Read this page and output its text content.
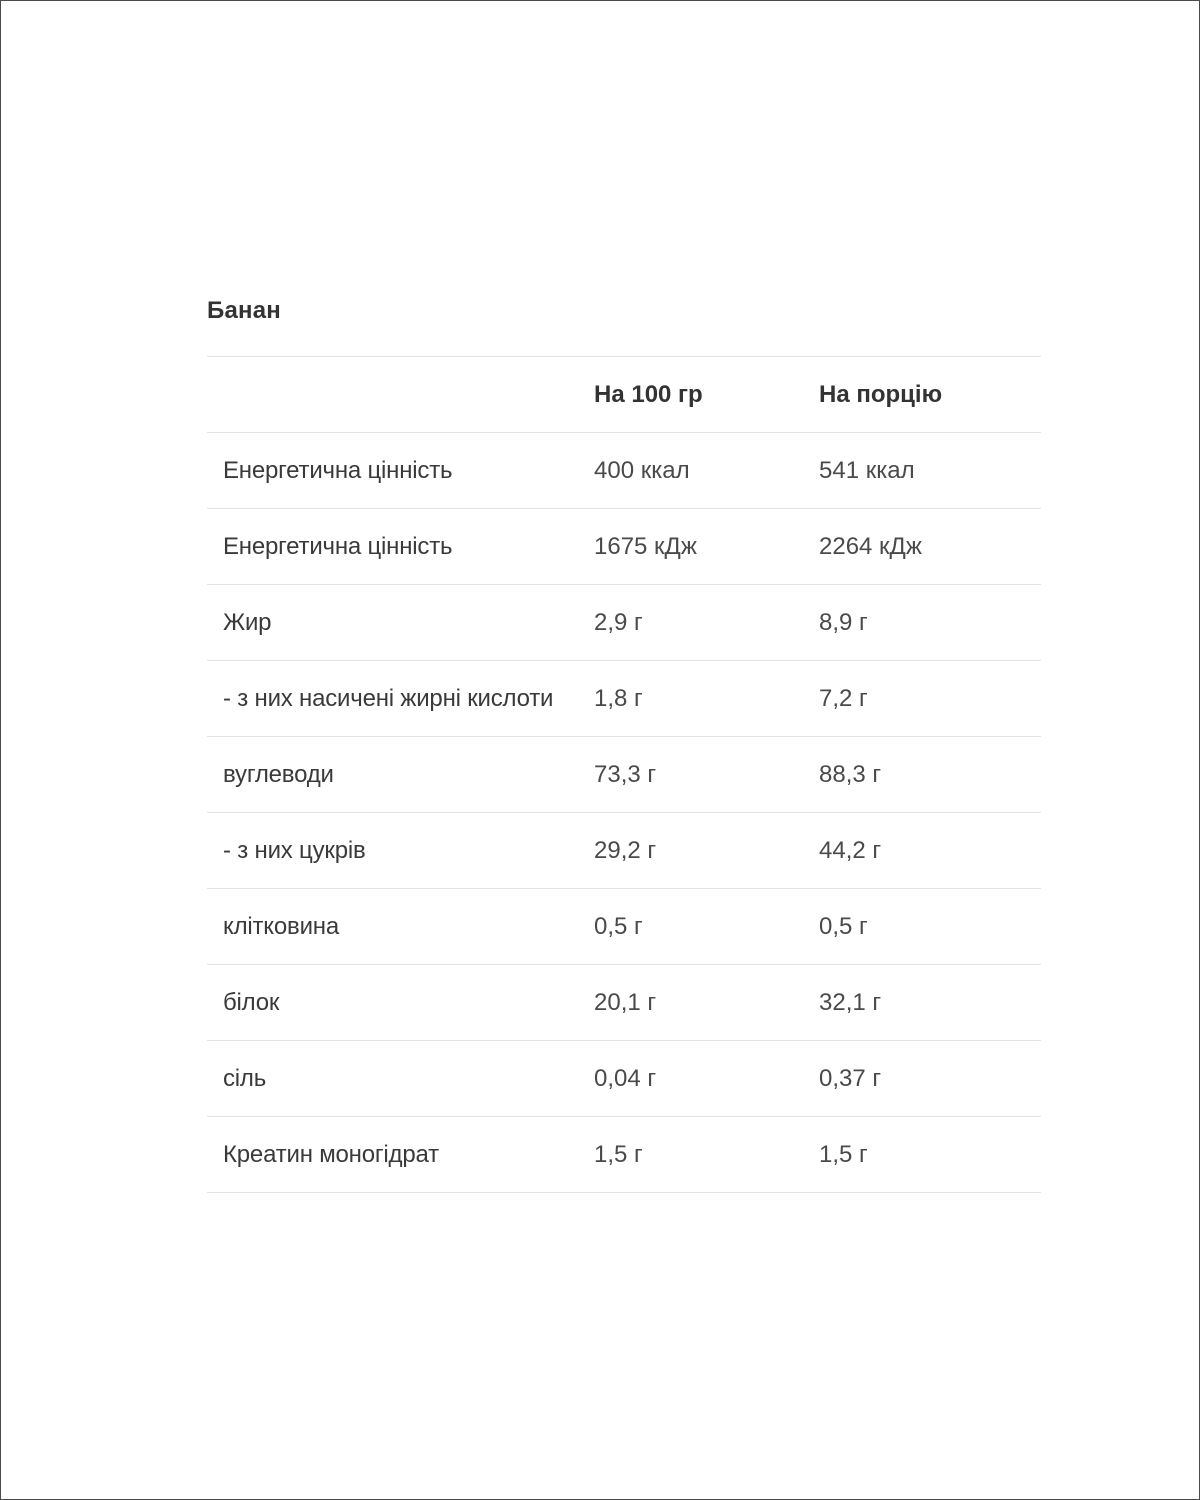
Банан
	На 100 гр	На порцію
Енергетична цінність	400 ккал	541 ккал
Енергетична цінність	1675 кДж	2264 кДж
Жир	2,9 г	8,9 г
- з них насичені жирні кислоти	1,8 г	7,2 г
вуглеводи	73,3 г	88,3 г
- з них цукрів	29,2 г	44,2 г
клітковина	0,5 г	0,5 г
білок	20,1 г	32,1 г
сіль	0,04 г	0,37 г
Креатин моногідрат	1,5 г	1,5 г
